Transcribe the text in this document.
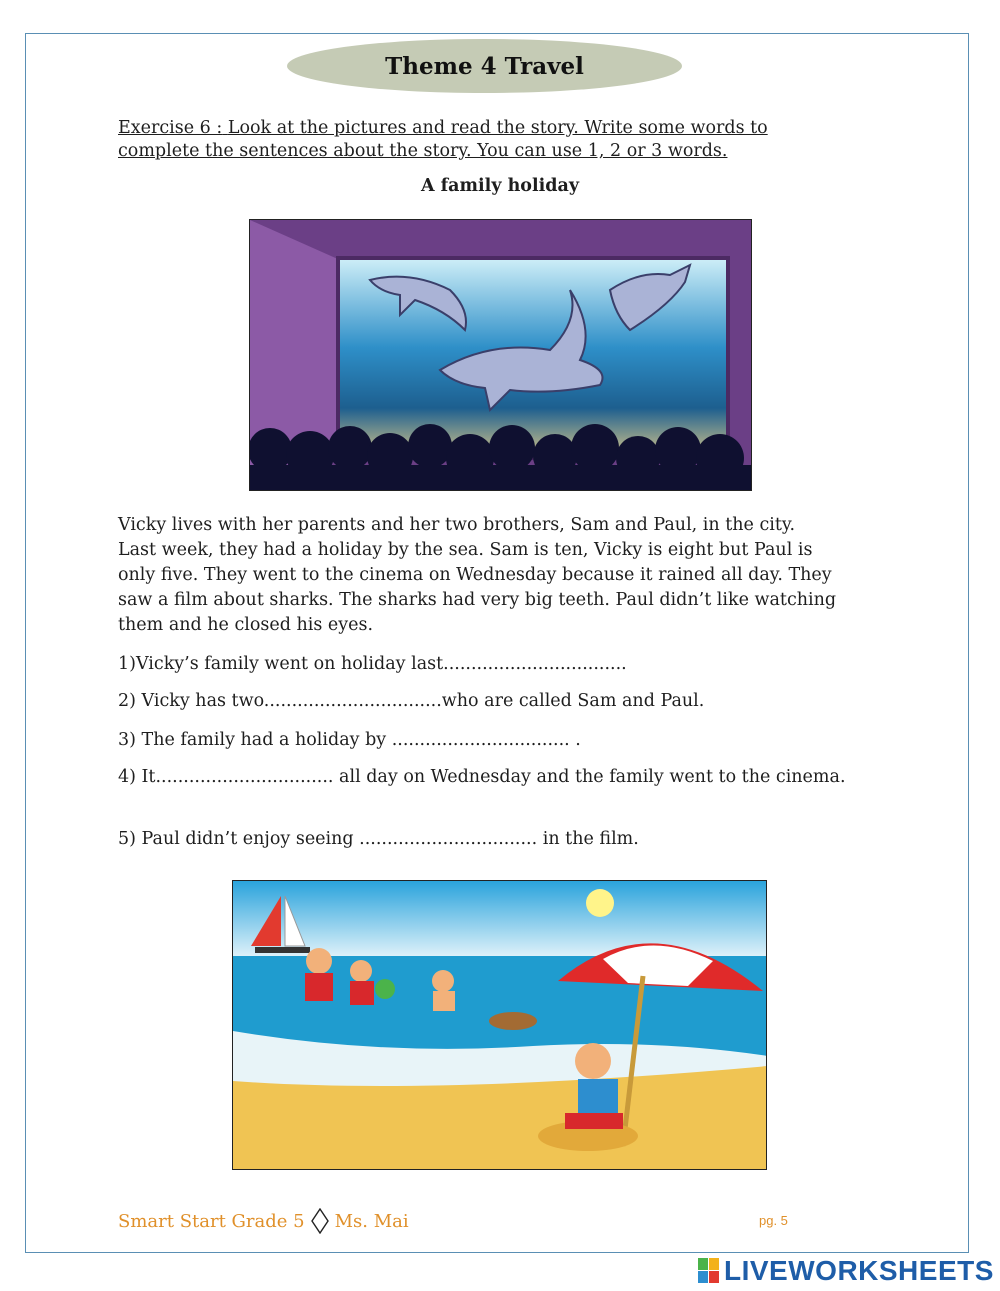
Theme 4 Travel
Exercise 6 : Look at the pictures and read the story. Write some words to complete the sentences about the story. You can use 1, 2 or 3 words.
A family holiday
Vicky lives with her parents and her two brothers, Sam and Paul, in the city. Last week, they had a holiday by the sea. Sam is ten, Vicky is eight but Paul is only five. They went to the cinema on Wednesday because it rained all day. They saw a film about sharks. The sharks had very big teeth. Paul didn’t like watching them and he closed his eyes.
1)Vicky’s family went on holiday last.................................
2) Vicky has two................................who are called Sam and Paul.
3) The family had a holiday by ................................ .
4) It................................ all day on Wednesday and the family went to the cinema.
5) Paul didn’t enjoy seeing ................................ in the film.
Smart Start Grade 5 Ms. Mai	pg. 5
LIVEWORKSHEETS
